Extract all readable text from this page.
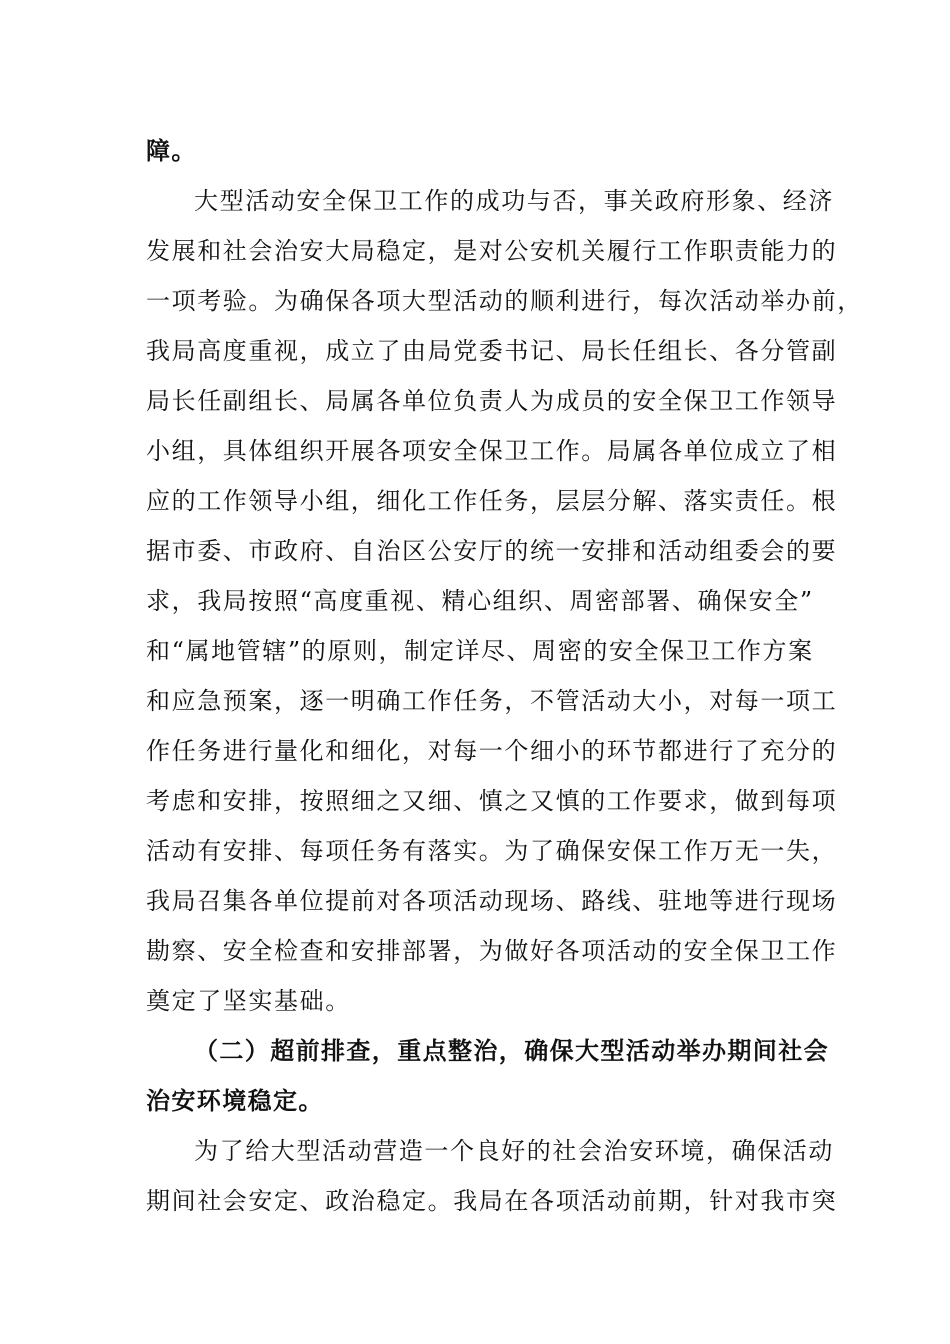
障。
大型活动安全保卫工作的成功与否，事关政府形象、经济
发展和社会治安大局稳定，是对公安机关履行工作职责能力的
一项考验。为确保各项大型活动的顺利进行，每次活动举办前，
我局高度重视，成立了由局党委书记、局长任组长、各分管副
局长任副组长、局属各单位负责人为成员的安全保卫工作领导
小组，具体组织开展各项安全保卫工作。局属各单位成立了相
应的工作领导小组，细化工作任务，层层分解、落实责任。根
据市委、市政府、自治区公安厅的统一安排和活动组委会的要
求，我局按照“高度重视、精心组织、周密部署、确保安全”
和“属地管辖”的原则，制定详尽、周密的安全保卫工作方案
和应急预案，逐一明确工作任务，不管活动大小，对每一项工
作任务进行量化和细化，对每一个细小的环节都进行了充分的
考虑和安排，按照细之又细、慎之又慎的工作要求，做到每项
活动有安排、每项任务有落实。为了确保安保工作万无一失，
我局召集各单位提前对各项活动现场、路线、驻地等进行现场
勘察、安全检查和安排部署，为做好各项活动的安全保卫工作
奠定了坚实基础。
（二）超前排查，重点整治，确保大型活动举办期间社会
治安环境稳定。
为了给大型活动营造一个良好的社会治安环境，确保活动
期间社会安定、政治稳定。我局在各项活动前期，针对我市突
